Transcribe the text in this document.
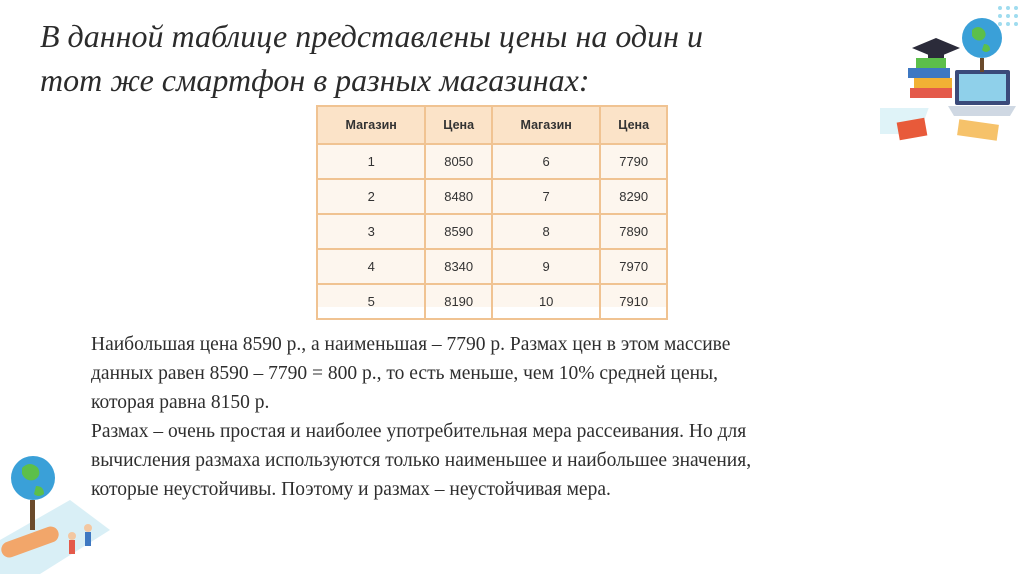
В данной таблице представлены цены на один и
тот же смартфон в разных магазинах:
Магазин	Цена	Магазин	Цена
1	8050	6	7790
2	8480	7	8290
3	8590	8	7890
4	8340	9	7970
5	8190	10	7910

Наибольшая цена 8590 р., а наименьшая – 7790 р. Размах цен в этом массиве
данных равен 8590 – 7790 = 800 р., то есть меньше, чем 10% средней цены,
которая равна 8150 р.

Размах – очень простая и наиболее употребительная мера рассеивания. Но для
вычисления размаха используются только наименьшее и наибольшее значения,
которые неустойчивы. Поэтому и размах – неустойчивая мера.
